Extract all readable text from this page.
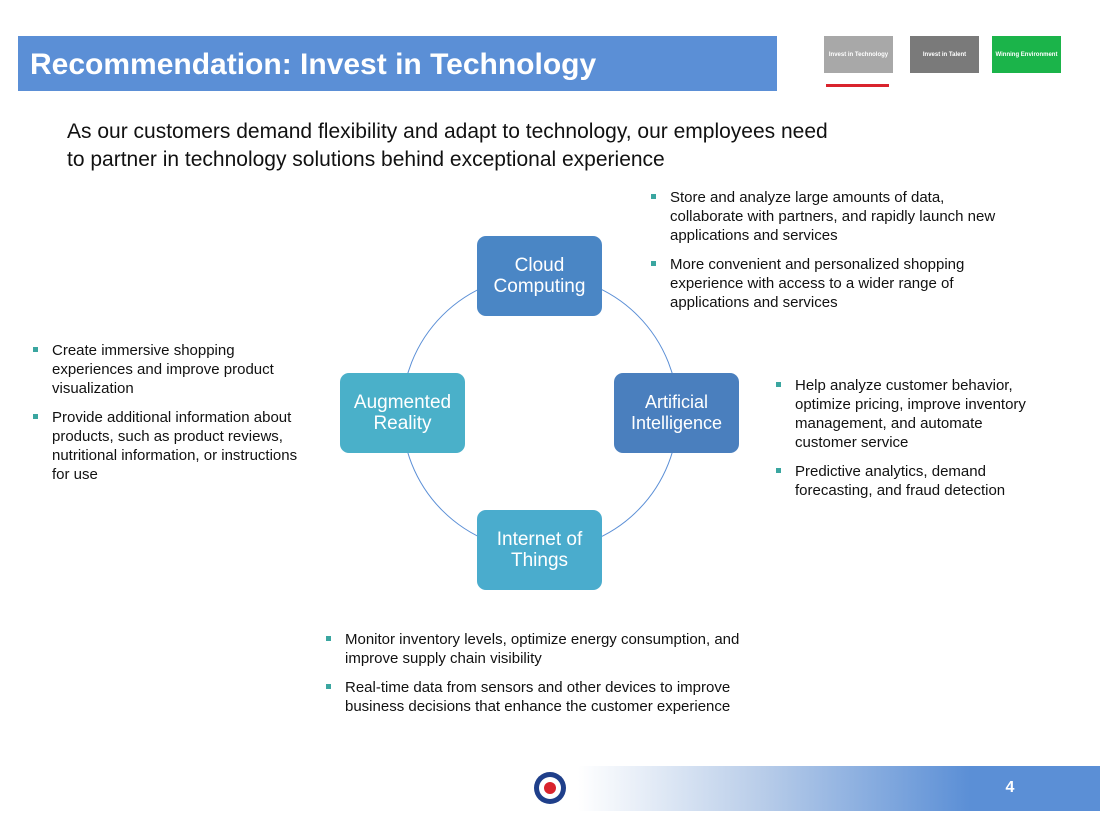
Recommendation: Invest in Technology	Invest in Technology	Invest in Talent	Winning Environment
As our customers demand flexibility and adapt to technology, our employees need
to partner in technology solutions behind exceptional experience
Cloud
Computing
Artificial
Intelligence
Internet of
Things
Augmented
Reality
Store and analyze large amounts of data,
collaborate with partners, and rapidly launch new
applications and services
More convenient and personalized shopping
experience with access to a wider range of
applications and services
Help analyze customer behavior,
optimize pricing, improve inventory
management, and automate
customer service
Predictive analytics, demand
forecasting, and fraud detection
Create immersive shopping
experiences and improve product
visualization
Provide additional information about
products, such as product reviews,
nutritional information, or instructions
for use
Monitor inventory levels, optimize energy consumption, and
improve supply chain visibility
Real-time data from sensors and other devices to improve
business decisions that enhance the customer experience
4
